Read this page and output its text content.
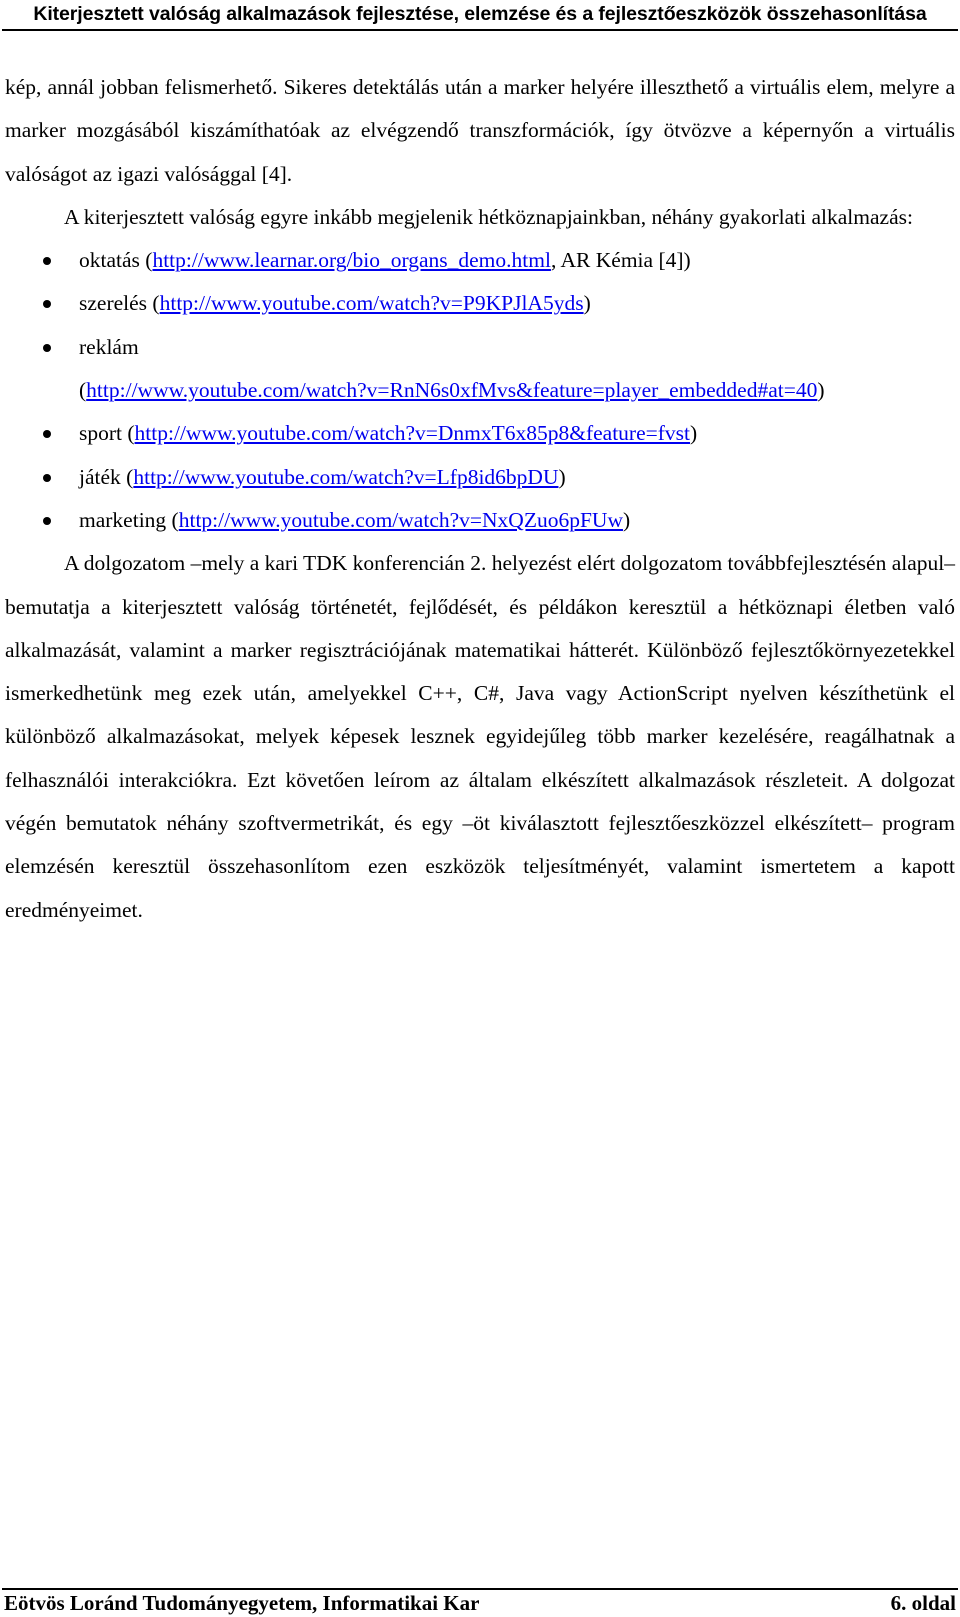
Kiterjesztett valóság alkalmazások fejlesztése, elemzése és a fejlesztőeszközök összehasonlítása

kép, annál jobban felismerhető. Sikeres detektálás után a marker helyére illeszthető a virtuális elem, melyre a marker mozgásából kiszámíthatóak az elvégzendő transzformációk, így ötvözve a képernyőn a virtuális valóságot az igazi valósággal [4].

A kiterjesztett valóság egyre inkább megjelenik hétköznapjainkban, néhány gyakorlati alkalmazás:

oktatás (http://www.learnar.org/bio_organs_demo.html, AR Kémia [4])
szerelés (http://www.youtube.com/watch?v=P9KPJlA5yds)
reklám
(http://www.youtube.com/watch?v=RnN6s0xfMvs&feature=player_embedded#at=40)
sport (http://www.youtube.com/watch?v=DnmxT6x85p8&feature=fvst)
játék (http://www.youtube.com/watch?v=Lfp8id6bpDU)
marketing (http://www.youtube.com/watch?v=NxQZuo6pFUw)

A dolgozatom –mely a kari TDK konferencián 2. helyezést elért dolgozatom továbbfejlesztésén alapul– bemutatja a kiterjesztett valóság történetét, fejlődését, és példákon keresztül a hétköznapi életben való alkalmazását, valamint a marker regisztrációjának matematikai hátterét. Különböző fejlesztőkörnyezetekkel ismerkedhetünk meg ezek után, amelyekkel C++, C#, Java vagy ActionScript nyelven készíthetünk el különböző alkalmazásokat, melyek képesek lesznek egyidejűleg több marker kezelésére, reagálhatnak a felhasználói interakciókra. Ezt követően leírom az általam elkészített alkalmazások részleteit. A dolgozat végén bemutatok néhány szoftvermetrikát, és egy –öt kiválasztott fejlesztőeszközzel elkészített– program elemzésén keresztül összehasonlítom ezen eszközök teljesítményét, valamint ismertetem a kapott eredményeimet.

Eötvös Loránd Tudományegyetem, Informatikai Kar	6. oldal
